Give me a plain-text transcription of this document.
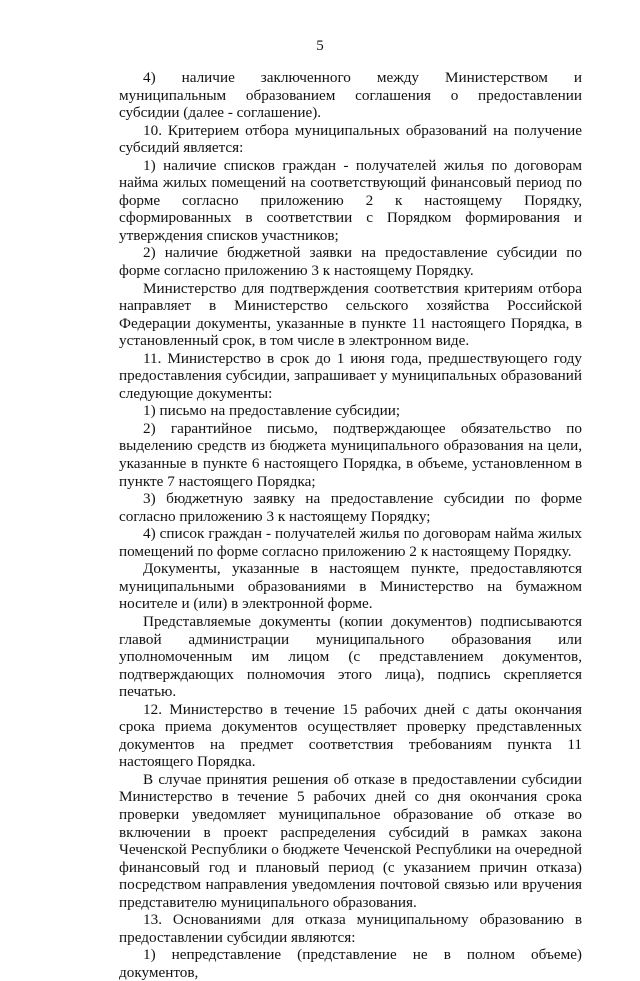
5

4) наличие заключенного между Министерством и муниципальным образованием соглашения о предоставлении субсидии (далее - соглашение).

10. Критерием отбора муниципальных образований на получение субсидий является:

1) наличие списков граждан - получателей жилья по договорам найма жилых помещений на соответствующий финансовый период по форме согласно приложению 2 к настоящему Порядку, сформированных в соответствии с Порядком формирования и утверждения списков участников;

2) наличие бюджетной заявки на предоставление субсидии по форме согласно приложению 3 к настоящему Порядку.

Министерство для подтверждения соответствия критериям отбора направляет в Министерство сельского хозяйства Российской Федерации документы, указанные в пункте 11 настоящего Порядка, в установленный срок, в том числе в электронном виде.

11. Министерство в срок до 1 июня года, предшествующего году предоставления субсидии, запрашивает у муниципальных образований следующие документы:

1) письмо на предоставление субсидии;

2) гарантийное письмо, подтверждающее обязательство по выделению средств из бюджета муниципального образования на цели, указанные в пункте 6 настоящего Порядка, в объеме, установленном в пункте 7 настоящего Порядка;

3) бюджетную заявку на предоставление субсидии по форме согласно приложению 3 к настоящему Порядку;

4) список граждан - получателей жилья по договорам найма жилых помещений по форме согласно приложению 2 к настоящему Порядку.

Документы, указанные в настоящем пункте, предоставляются муниципальными образованиями в Министерство на бумажном носителе и (или) в электронной форме.

Представляемые документы (копии документов) подписываются главой администрации муниципального образования или уполномоченным им лицом (с представлением документов, подтверждающих полномочия этого лица), подпись скрепляется печатью.

12. Министерство в течение 15 рабочих дней с даты окончания срока приема документов осуществляет проверку представленных документов на предмет соответствия требованиям пункта 11 настоящего Порядка.

В случае принятия решения об отказе в предоставлении субсидии Министерство в течение 5 рабочих дней со дня окончания срока проверки уведомляет муниципальное образование об отказе во включении в проект распределения субсидий в рамках закона Чеченской Республики о бюджете Чеченской Республики на очередной финансовый год и плановый период (с указанием причин отказа) посредством направления уведомления почтовой связью или вручения представителю муниципального образования.

13. Основаниями для отказа муниципальному образованию в предоставлении субсидии являются:

1) непредставление (представление не в полном объеме) документов,
